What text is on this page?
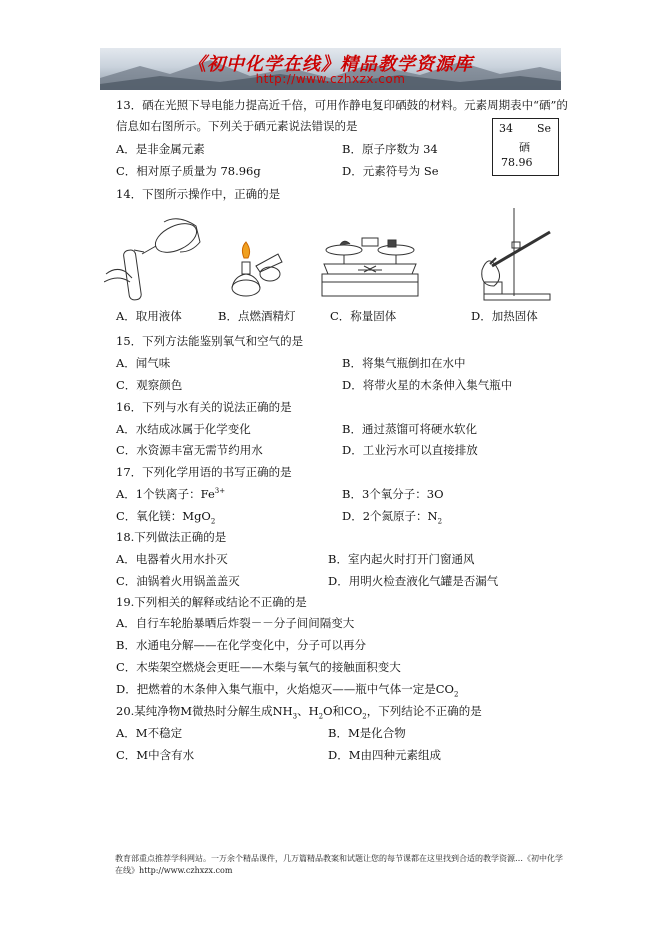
《初中化学在线》精品教学资源库
http://www.czhxzx.com
13．硒在光照下导电能力提高近千倍，可用作静电复印硒鼓的材料。元素周期表中“硒”的
信息如右图所示。下列关于硒元素说法错误的是
A．是非金属元素	B．原子序数为 34
C．相对原子质量为 78.96g	D．元素符号为 Se
34 Se
硒
78.96
14．下图所示操作中，正确的是
A．取用液体	B．点燃酒精灯	C．称量固体	D．加热固体
15．下列方法能鉴别氧气和空气的是
A．闻气味	B．将集气瓶倒扣在水中
C．观察颜色	D．将带火星的木条伸入集气瓶中
16．下列与水有关的说法正确的是
A．水结成冰属于化学变化	B．通过蒸馏可将硬水软化
C．水资源丰富无需节约用水	D．工业污水可以直接排放
17．下列化学用语的书写正确的是
A．1个铁离子：$Fe^{3+}$	B．3个氧分子：3O
C．氧化镁：MgO$_2$	D．2个氮原子：$N_2$
18.下列做法正确的是
A．电器着火用水扑灭	B．室内起火时打开门窗通风
C．油锅着火用锅盖盖灭	D．用明火检查液化气罐是否漏气
19.下列相关的解释或结论不正确的是
A．自行车轮胎暴晒后炸裂－－分子间间隔变大
B．水通电分解——在化学变化中，分子可以再分
C．木柴架空燃烧会更旺——木柴与氧气的接触面积变大
D．把燃着的木条伸入集气瓶中，火焰熄灭——瓶中气体一定是$CO_2$
20.某纯净物M微热时分解生成$NH_3$、$H_2O$和$CO_2$，下列结论不正确的是
A．M不稳定	B．M是化合物
C．M中含有水	D．M由四种元素组成
教育部重点推荐学科网站。一万余个精品课件，几万篇精品教案和试题让您的每节课都在这里找到合适的教学资源…《初中化学在线》http://www.czhxzx.com
